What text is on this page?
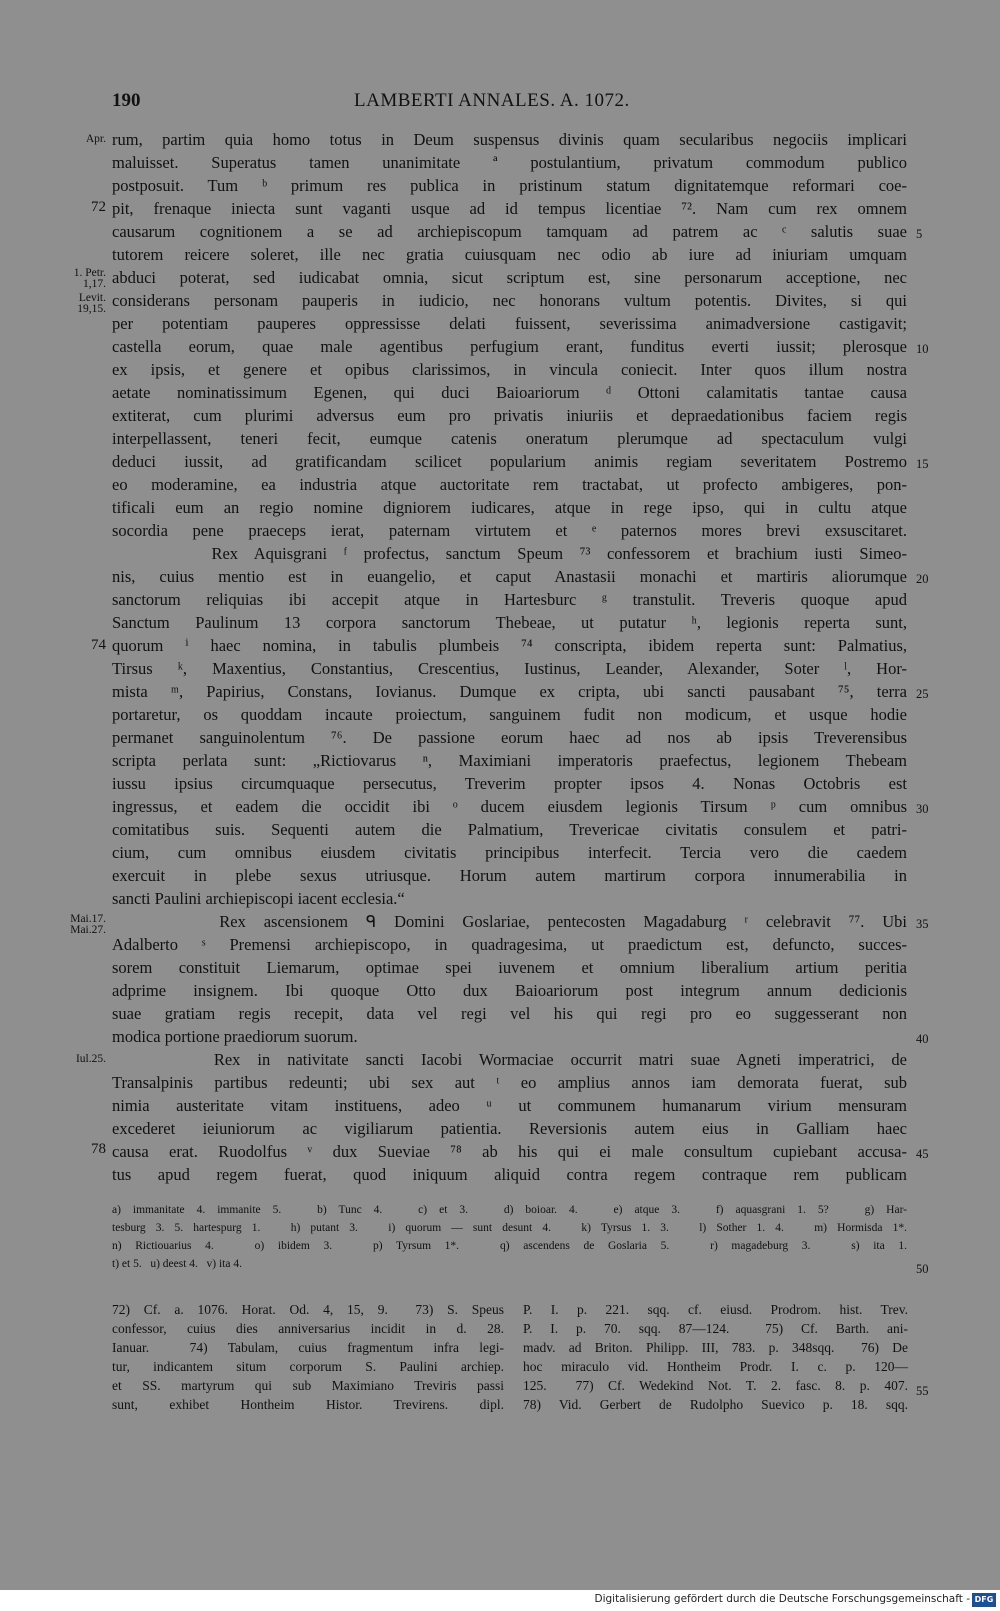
190	LAMBERTI ANNALES. A. 1072.
rum, partim quia homo totus in Deum suspensus divinis quam secularibus negociis implicari
maluisset. Superatus tamen unanimitate ª postulantium, privatum commodum publico
postposuit. Tum ᵇ primum res publica in pristinum statum dignitatemque reformari coe-
pit, frenaque iniecta sunt vaganti usque ad id tempus licentiae ⁷². Nam cum rex omnem
causarum cognitionem a se ad archiepiscopum tamquam ad patrem ac ᶜ salutis suae
tutorem reicere soleret, ille nec gratia cuiusquam nec odio ab iure ad iniuriam umquam
abduci poterat, sed iudicabat omnia, sicut scriptum est, sine personarum acceptione, nec
considerans personam pauperis in iudicio, nec honorans vultum potentis. Divites, si qui
per potentiam pauperes oppressisse delati fuissent, severissima animadversione castigavit;
castella eorum, quae male agentibus perfugium erant, funditus everti iussit; plerosque
ex ipsis, et genere et opibus clarissimos, in vincula coniecit. Inter quos illum nostra
aetate nominatissimum Egenen, qui duci Baioariorum ᵈ Ottoni calamitatis tantae causa
extiterat, cum plurimi adversus eum pro privatis iniuriis et depraedationibus faciem regis
interpellassent, teneri fecit, eumque catenis oneratum plerumque ad spectaculum vulgi
deduci iussit, ad gratificandam scilicet popularium animis regiam severitatem Postremo
eo moderamine, ea industria atque auctoritate rem tractabat, ut profecto ambigeres, pon-
tificali eum an regio nomine digniorem iudicares, atque in rege ipso, qui in cultu atque
socordia pene praeceps ierat, paternam virtutem et ᵉ paternos mores brevi exsuscitaret.
Rex Aquisgrani ᶠ profectus, sanctum Speum ⁷³ confessorem et brachium iusti Simeo-
nis, cuius mentio est in euangelio, et caput Anastasii monachi et martiris aliorumque
sanctorum reliquias ibi accepit atque in Hartesburc ᵍ transtulit. Treveris quoque apud
Sanctum Paulinum 13 corpora sanctorum Thebeae, ut putatur ʰ, legionis reperta sunt,
quorum ⁱ haec nomina, in tabulis plumbeis ⁷⁴ conscripta, ibidem reperta sunt: Palmatius,
Tirsus ᵏ, Maxentius, Constantius, Crescentius, Iustinus, Leander, Alexander, Soter ˡ, Hor-
mista ᵐ, Papirius, Constans, Iovianus. Dumque ex cripta, ubi sancti pausabant ⁷⁵, terra
portaretur, os quoddam incaute proiectum, sanguinem fudit non modicum, et usque hodie
permanet sanguinolentum ⁷⁶. De passione eorum haec ad nos ab ipsis Treverensibus
scripta perlata sunt: „Rictiovarus ⁿ, Maximiani imperatoris praefectus, legionem Thebeam
iussu ipsius circumquaque persecutus, Treverim propter ipsos 4. Nonas Octobris est
ingressus, et eadem die occidit ibi ᵒ ducem eiusdem legionis Tirsum ᵖ cum omnibus
comitatibus suis. Sequenti autem die Palmatium, Trevericae civitatis consulem et patri-
cium, cum omnibus eiusdem civitatis principibus interfecit. Tercia vero die caedem
exercuit in plebe sexus utriusque. Horum autem martirum corpora innumerabilia in
sancti Paulini archiepiscopi iacent ecclesia.“
Rex ascensionem ᑫ Domini Goslariae, pentecosten Magadaburg ʳ celebravit ⁷⁷. Ubi
Adalberto ˢ Premensi archiepiscopo, in quadragesima, ut praedictum est, defuncto, succes-
sorem constituit Liemarum, optimae spei iuvenem et omnium liberalium artium peritia
adprime insignem. Ibi quoque Otto dux Baioariorum post integrum annum dedicionis
suae gratiam regis recepit, data vel regi vel his qui regi pro eo suggesserant non
modica portione praediorum suorum.
Rex in nativitate sancti Iacobi Wormaciae occurrit matri suae Agneti imperatrici, de
Transalpinis partibus redeunti; ubi sex aut ᵗ eo amplius annos iam demorata fuerat, sub
nimia austeritate vitam instituens, adeo ᵘ ut communem humanarum virium mensuram
excederet ieiuniorum ac vigiliarum patientia. Reversionis autem eius in Galliam haec
causa erat. Ruodolfus ᵛ dux Sueviae ⁷⁸ ab his qui ei male consultum cupiebant accusa-
tus apud regem fuerat, quod iniquum aliquid contra regem contraque rem publicam
Apr.
72
1. Petr.
1,17.
Levit.
19,15.
74
Mai.17.
Mai.27.
Iul.25.
78
5
10
15
20
25
30
35
40
45
50
55
a) immanitate 4. immanite 5.   b) Tunc 4.   c) et 3.   d) boioar. 4.   e) atque 3.   f) aquasgrani 1. 5?   g) Har-
tesburg 3. 5. hartespurg 1.   h) putant 3.   i) quorum — sunt desunt 4.   k) Tyrsus 1. 3.   l) Sother 1. 4.   m) Hormisda 1*.
n) Rictiouarius 4.   o) ibidem 3.   p) Tyrsum 1*.   q) ascendens de Goslaria 5.   r) magadeburg 3.   s) ita 1.
t) et 5.   u) deest 4.   v) ita 4.
72) Cf. a. 1076. Horat. Od. 4, 15, 9.  73) S. Speus
confessor, cuius dies anniversarius incidit in d. 28.
Ianuar.  74) Tabulam, cuius fragmentum infra legi-
tur, indicantem situm corporum S. Paulini archiep.
et SS. martyrum qui sub Maximiano Treviris passi
sunt, exhibet Hontheim Histor. Trevirens. dipl.
P. I. p. 221. sqq. cf. eiusd. Prodrom. hist. Trev.
P. I. p. 70. sqq. 87—124.  75) Cf. Barth. ani-
madv. ad Briton. Philipp. III, 783. p. 348sqq.  76) De
hoc miraculo vid. Hontheim Prodr. I. c. p. 120—
125.  77) Cf. Wedekind Not. T. 2. fasc. 8. p. 407.
78) Vid. Gerbert de Rudolpho Suevico p. 18. sqq.
Digitalisierung gefördert durch die Deutsche Forschungsgemeinschaft - DFG
